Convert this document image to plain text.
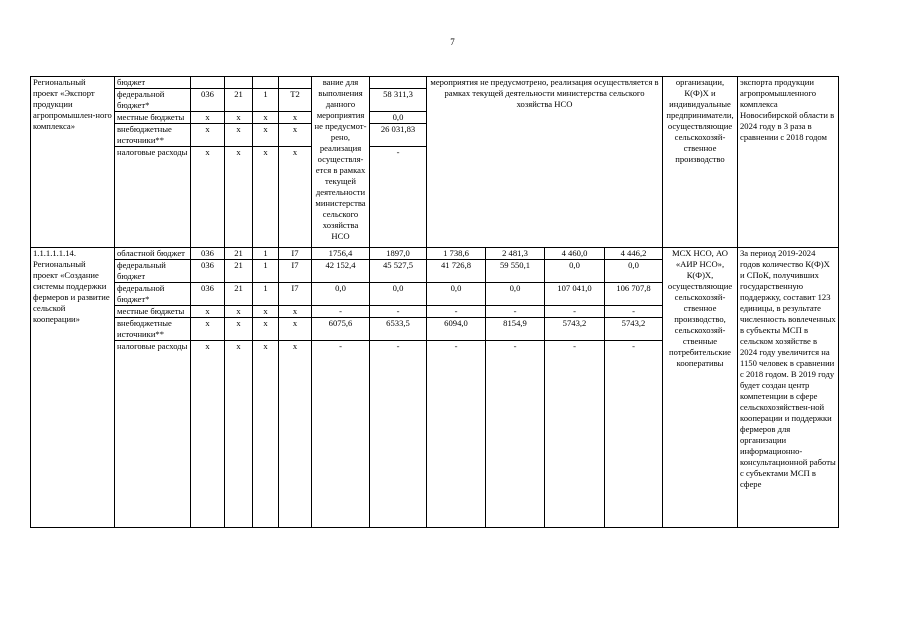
7
Региональный проект «Экспорт продукции агропромышлен-ного комплекса»	бюджет					вание для выполнения данного мероприятия не предусмот-рено, реализация осуществля-ется в рамках текущей деятельности министерства сельского хозяйства НСО		мероприятия не предусмотрено, реализация осуществляется в рамках текущей деятельности министерства сельского хозяйства НСО				организации, К(Ф)Х и индивидуальные предприниматели, осуществляющие сельскохозяй-ственное производство	экспорта продукции агропромышленного комплекса Новосибирской области в 2024 году в 3 раза в сравнении с 2018 годом
	федеральной бюджет*	036	21	1	T2		58 311,3						
	местные бюджеты	x	x	x	x		0,0						
	внебюджетные источники**	x	x	x	x		26 031,83						
	налоговые расходы	x	x	x	x		-						
1.1.1.1.1.14. Региональный проект «Создание системы поддержки фермеров и развитие сельской кооперации»	областной бюджет	036	21	1	I7	1756,4	1897,0	1 738,6	2 481,3	4 460,0	4 446,2	МСХ НСО, АО «АИР НСО», К(Ф)Х, осуществляющие сельскохозяй-ственное производство, сельскохозяй-ственные потребительские кооперативы	За период 2019-2024 годов количество К(Ф)Х и СПоК, получивших государственную поддержку, составит 123 единицы, в результате численность вовлеченных в субъекты МСП в сельском хозяйстве в 2024 году увеличится на 1150 человек в сравнении с 2018 годом. В 2019 году будет создан центр компетенции в сфере сельскохозяйствен-ной кооперации и поддержки фермеров для организации информационно-консультационной работы с субъектами МСП в сфере
	федеральный бюджет	036	21	1	I7	42 152,4	45 527,5	41 726,8	59 550,1	0,0	0,0		
	федеральной бюджет*	036	21	1	I7	0,0	0,0	0,0	0,0	107 041,0	106 707,8		
	местные бюджеты	x	x	x	x	-	-	-	-	-	-		
	внебюджетные источники**	x	x	x	x	6075,6	6533,5	6094,0	8154,9	5743,2	5743,2		
	налоговые расходы	x	x	x	x	-	-	-	-	-	-		
